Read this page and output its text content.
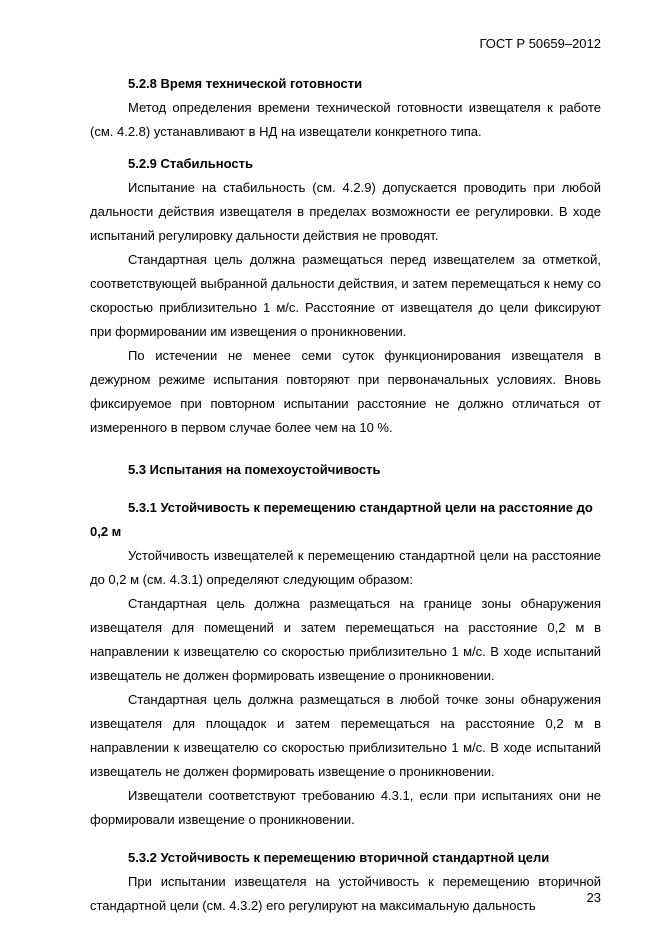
ГОСТ Р 50659–2012

5.2.8 Время технической готовности

Метод определения времени технической готовности извещателя к работе (см. 4.2.8) устанавливают в НД на извещатели конкретного типа.

5.2.9 Стабильность

Испытание на стабильность (см. 4.2.9) допускается проводить при любой дальности действия извещателя в пределах возможности ее регулировки. В ходе испытаний регулировку дальности действия не проводят.

Стандартная цель должна размещаться перед извещателем за отметкой, соответствующей выбранной дальности действия, и затем перемещаться к нему со скоростью приблизительно 1 м/с. Расстояние от извещателя до цели фиксируют при формировании им извещения о проникновении.

По истечении не менее семи суток функционирования извещателя в дежурном режиме испытания повторяют при первоначальных условиях. Вновь фиксируемое при повторном испытании расстояние не должно отличаться от измеренного в первом случае более чем на 10 %.

5.3 Испытания на помехоустойчивость

5.3.1 Устойчивость к перемещению стандартной цели на расстояние до 0,2 м

Устойчивость извещателей к перемещению стандартной цели на расстояние до 0,2 м (см. 4.3.1) определяют следующим образом:

Стандартная цель должна размещаться на границе зоны обнаружения извещателя для помещений и затем перемещаться на расстояние 0,2 м в направлении к извещателю со скоростью приблизительно 1 м/с. В ходе испытаний извещатель не должен формировать извещение о проникновении.

Стандартная цель должна размещаться в любой точке зоны обнаружения извещателя для площадок и затем перемещаться на расстояние 0,2 м в направлении к извещателю со скоростью приблизительно 1 м/с. В ходе испытаний извещатель не должен формировать извещение о проникновении.

Извещатели соответствуют требованию 4.3.1, если при испытаниях они не формировали извещение о проникновении.

5.3.2 Устойчивость к перемещению вторичной стандартной цели

При испытании извещателя на устойчивость к перемещению вторичной стандартной цели (см. 4.3.2) его регулируют на максимальную дальность

23
